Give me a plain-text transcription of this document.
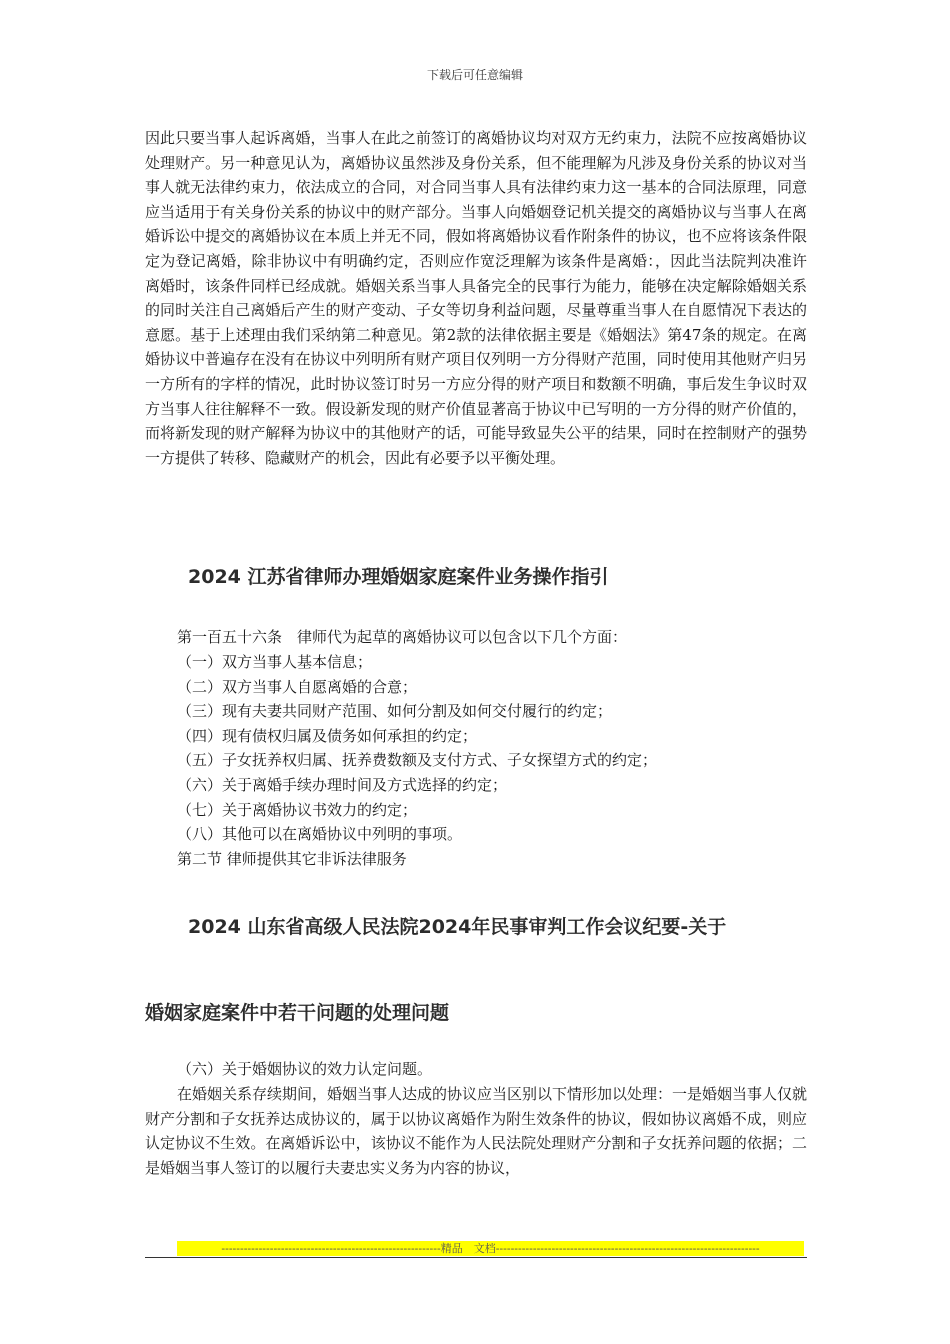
下载后可任意编辑

因此只要当事人起诉离婚，当事人在此之前签订的离婚协议均对双方无约束力，法院不应按离婚协议处理财产。另一种意见认为，离婚协议虽然涉及身份关系，但不能理解为凡涉及身份关系的协议对当事人就无法律约束力，依法成立的合同，对合同当事人具有法律约束力这一基本的合同法原理，同意应当适用于有关身份关系的协议中的财产部分。当事人向婚姻登记机关提交的离婚协议与当事人在离婚诉讼中提交的离婚协议在本质上并无不同，假如将离婚协议看作附条件的协议，也不应将该条件限定为登记离婚，除非协议中有明确约定，否则应作宽泛理解为该条件是离婚：，因此当法院判决准许离婚时，该条件同样已经成就。婚姻关系当事人具备完全的民事行为能力，能够在决定解除婚姻关系的同时关注自己离婚后产生的财产变动、子女等切身利益问题，尽量尊重当事人在自愿情况下表达的意愿。基于上述理由我们采纳第二种意见。第2款的法律依据主要是《婚姻法》第47条的规定。在离婚协议中普遍存在没有在协议中列明所有财产项目仅列明一方分得财产范围，同时使用其他财产归另一方所有的字样的情况，此时协议签订时另一方应分得的财产项目和数额不明确，事后发生争议时双方当事人往往解释不一致。假设新发现的财产价值显著高于协议中已写明的一方分得的财产价值的，而将新发现的财产解释为协议中的其他财产的话，可能导致显失公平的结果，同时在控制财产的强势一方提供了转移、隐藏财产的机会，因此有必要予以平衡处理。

2024 江苏省律师办理婚姻家庭案件业务操作指引

第一百五十六条　律师代为起草的离婚协议可以包含以下几个方面：

（一）双方当事人基本信息；
（二）双方当事人自愿离婚的合意；
（三）现有夫妻共同财产范围、如何分割及如何交付履行的约定；
（四）现有债权归属及债务如何承担的约定；
（五）子女抚养权归属、抚养费数额及支付方式、子女探望方式的约定；
（六）关于离婚手续办理时间及方式选择的约定；
（七）关于离婚协议书效力的约定；
（八）其他可以在离婚协议中列明的事项。

第二节 律师提供其它非诉法律服务

2024 山东省高级人民法院2024年民事审判工作会议纪要-关于
婚姻家庭案件中若干问题的处理问题

（六）关于婚姻协议的效力认定问题。

在婚姻关系存续期间，婚姻当事人达成的协议应当区别以下情形加以处理：一是婚姻当事人仅就财产分割和子女抚养达成协议的，属于以协议离婚作为附生效条件的协议，假如协议离婚不成，则应认定协议不生效。在离婚诉讼中，该协议不能作为人民法院处理财产分割和子女抚养问题的依据；二是婚姻当事人签订的以履行夫妻忠实义务为内容的协议，

-----------------------------------------------------------精品　文档-----------------------------------------------------------------------
